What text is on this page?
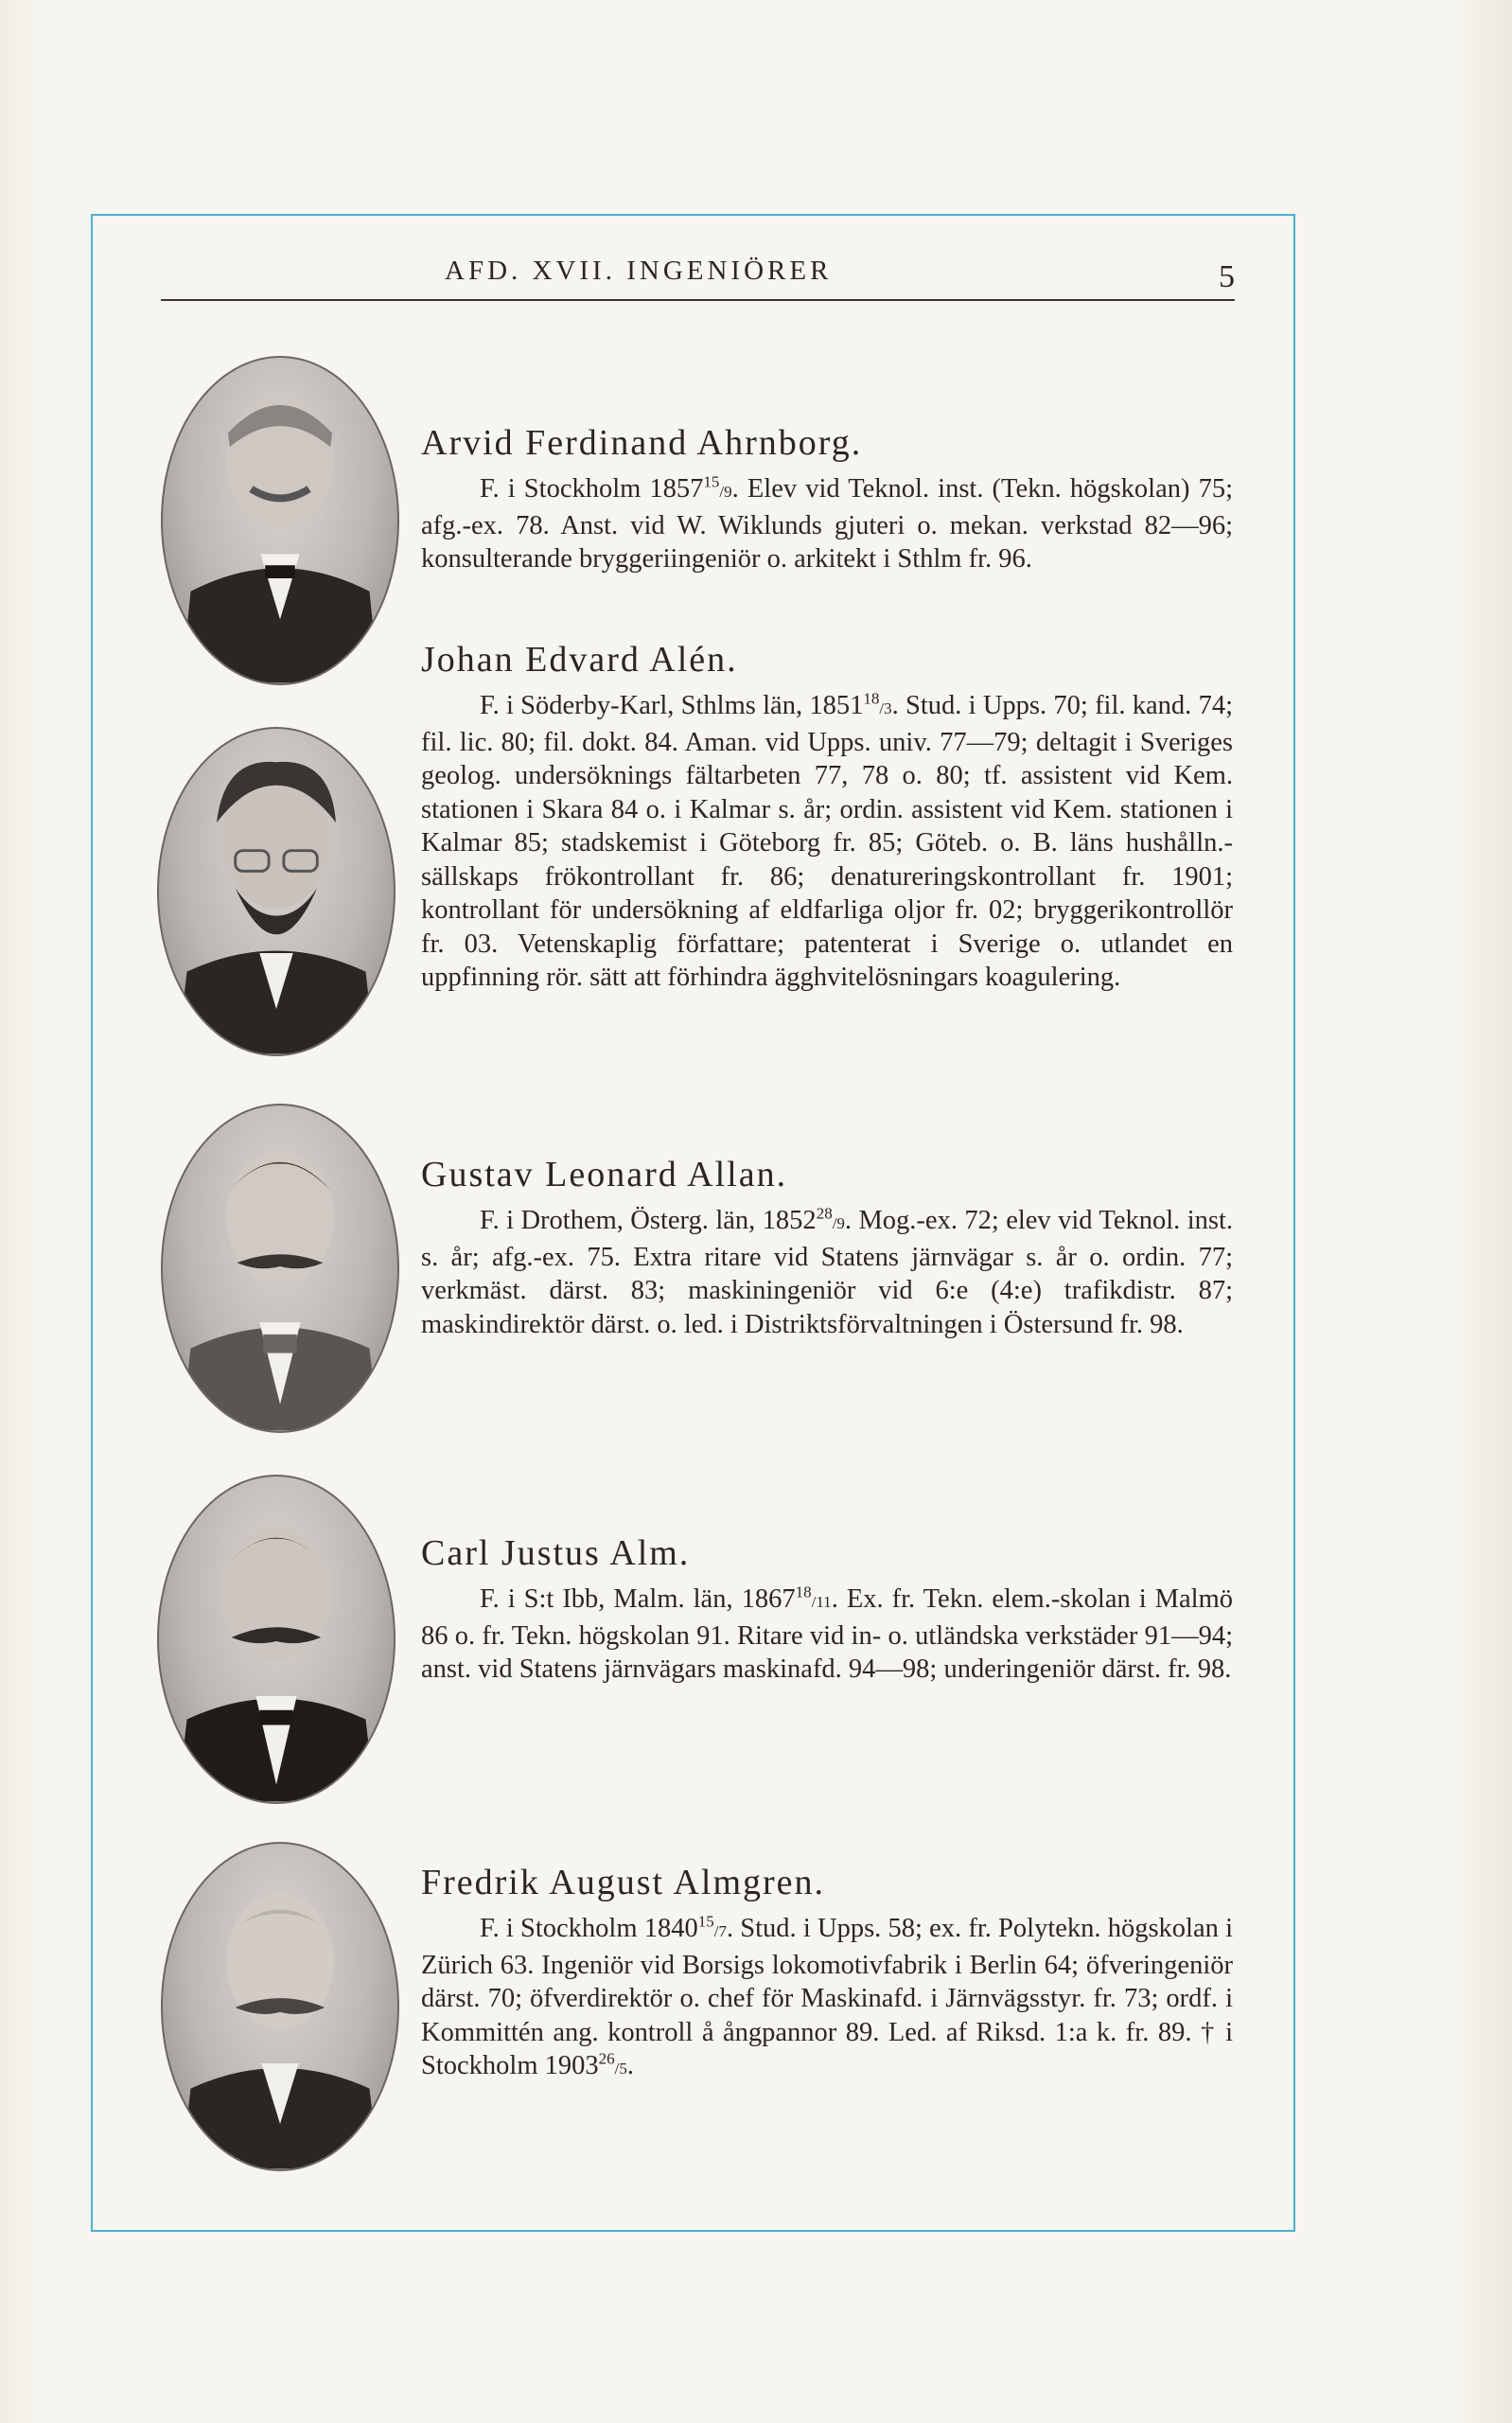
AFD. XVII. INGENIÖRER	5
Arvid Ferdinand Ahrnborg.

F. i Stockholm 1857$^{15}$/9. Elev vid Teknol. inst. (Tekn. högskolan) 75; afg.-ex. 78. Anst. vid W. Wiklunds gjuteri o. mekan. verkstad 82—96; konsulterande bryggeriingeniör o. arkitekt i Sthlm fr. 96.

Johan Edvard Alén.

F. i Söderby-Karl, Sthlms län, 1851$^{18}$/3. Stud. i Upps. 70; fil. kand. 74; fil. lic. 80; fil. dokt. 84. Aman. vid Upps. univ. 77—79; deltagit i Sveriges geolog. undersöknings fältarbeten 77, 78 o. 80; tf. assistent vid Kem. stationen i Skara 84 o. i Kalmar s. år; ordin. assistent vid Kem. stationen i Kalmar 85; stadskemist i Göteborg fr. 85; Göteb. o. B. läns hushålln.-sällskaps frökontrollant fr. 86; denatureringskontrollant fr. 1901; kontrollant för undersökning af eldfarliga oljor fr. 02; bryggerikontrollör fr. 03. Vetenskaplig författare; patenterat i Sverige o. utlandet en uppfinning rör. sätt att förhindra ägghvitelösningars koagulering.

Gustav Leonard Allan.

F. i Drothem, Österg. län, 1852$^{28}$/9. Mog.-ex. 72; elev vid Teknol. inst. s. år; afg.-ex. 75. Extra ritare vid Statens järnvägar s. år o. ordin. 77; verkmäst. därst. 83; maskiningeniör vid 6:e (4:e) trafikdistr. 87; maskindirektör därst. o. led. i Distriktsförvaltningen i Östersund fr. 98.

Carl Justus Alm.

F. i S:t Ibb, Malm. län, 1867$^{18}$/11. Ex. fr. Tekn. elem.-skolan i Malmö 86 o. fr. Tekn. högskolan 91. Ritare vid in- o. utländska verkstäder 91—94; anst. vid Statens järnvägars maskinafd. 94—98; underingeniör därst. fr. 98.

Fredrik August Almgren.

F. i Stockholm 1840$^{15}$/7. Stud. i Upps. 58; ex. fr. Polytekn. högskolan i Zürich 63. Ingeniör vid Borsigs lokomotivfabrik i Berlin 64; öfveringeniör därst. 70; öfverdirektör o. chef för Maskinafd. i Järnvägsstyr. fr. 73; ordf. i Kommittén ang. kontroll å ångpannor 89. Led. af Riksd. 1:a k. fr. 89. † i Stockholm 1903$^{26}$/5.
